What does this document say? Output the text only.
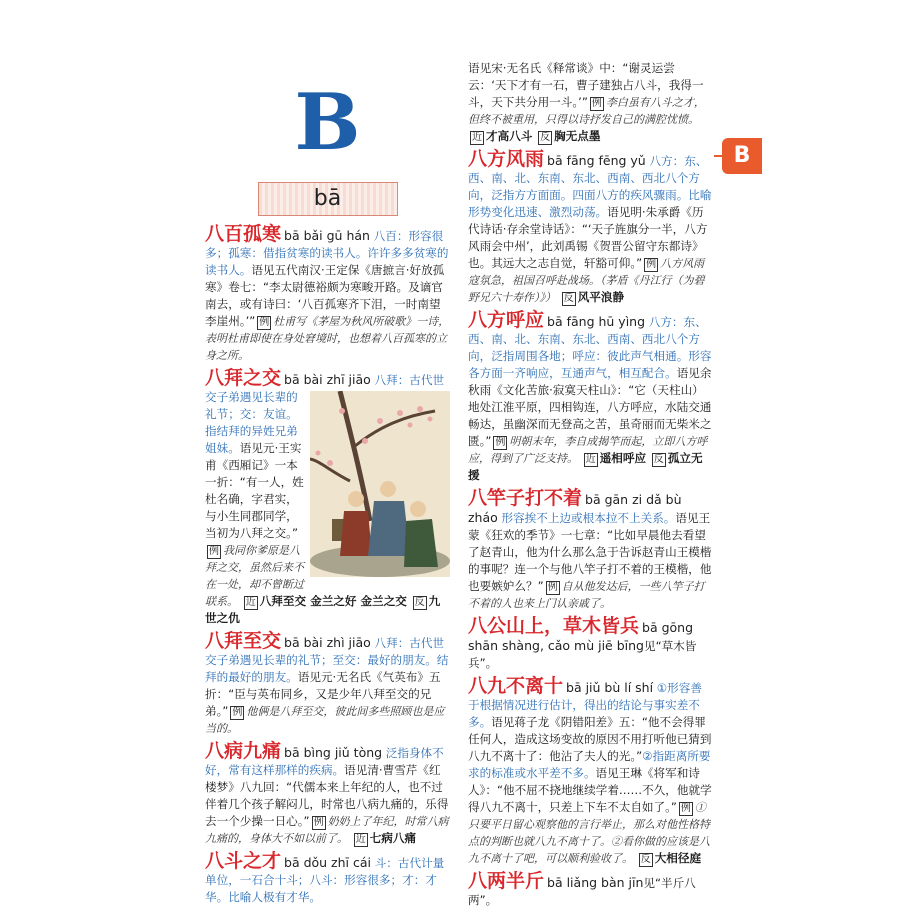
B
B
bā
八百孤寒 bā bǎi gū hán 八百：形容很多；孤寒：借指贫寒的读书人。许许多多贫寒的读书人。语见五代南汉·王定保《唐摭言·好放孤寒》卷七：“李太尉德裕颇为寒畯开路。及谪官南去，或有诗曰：‘八百孤寒齐下泪，一时南望李崖州。’” 例 杜甫写《茅屋为秋风所破歌》一诗，表明杜甫即使在身处窘境时，也想着八百孤寒的立身之所。
八拜之交 bā bài zhī jiāo 八拜：古代世交子弟遇见长辈的礼节；交：友谊。指结拜的异姓兄弟姐妹。语见元·王实甫《西厢记》一本一折：“有一人，姓杜名确，字君实，与小生同郡同学，当初为八拜之交。”例 我同你爹原是八拜之交，虽然后来不在一处，却不曾断过联系。 近 八拜至交 金兰之好 金兰之交 反 九世之仇
八拜至交 bā bài zhì jiāo 八拜：古代世交子弟遇见长辈的礼节；至交：最好的朋友。结拜的最好的朋友。语见元·无名氏《气英布》五折：“臣与英布同乡，又是少年八拜至交的兄弟。” 例 他俩是八拜至交，彼此间多些照顾也是应当的。
八病九痛 bā bìng jiǔ tòng 泛指身体不好，常有这样那样的疾病。语见清·曹雪芹《红楼梦》八九回：“代儒本来上年纪的人，也不过伴着几个孩子解闷儿，时常也八病九痛的，乐得去一个少操一日心。” 例 奶奶上了年纪，时常八病九痛的，身体大不如以前了。 近 七病八痛
八斗之才 bā dǒu zhī cái 斗：古代计量单位，一石合十斗；八斗：形容很多；才：才华。比喻人极有才华。
语见宋·无名氏《释常谈》中：“谢灵运尝云：‘天下才有一石，曹子建独占八斗，我得一斗，天下共分用一斗。’” 例 李白虽有八斗之才，但终不被重用，只得以诗抒发自己的满腔忧愤。 近 才高八斗 反 胸无点墨
八方风雨 bā fāng fēng yǔ 八方：东、西、南、北、东南、东北、西南、西北八个方向，泛指方方面面。四面八方的疾风骤雨。比喻形势变化迅速、激烈动荡。语见明·朱承爵《历代诗话·存余堂诗话》：“‘天子旌旗分一半，八方风雨会中州’，此刘禹锡《贺晋公留守东都诗》也。其远大之志自觉，轩豁可仰。” 例 八方风雨寇氛急，祖国召呼赴战场。（茅盾《丹江行（为碧野兄六十寿作）》） 反 风平浪静
八方呼应 bā fāng hū yìng 八方：东、西、南、北、东南、东北、西南、西北八个方向，泛指周围各地；呼应：彼此声气相通。形容各方面一齐响应，互通声气，相互配合。语见余秋雨《文化苦旅·寂寞天柱山》：“它（天柱山）地处江淮平原，四相钩连，八方呼应，水陆交通畅达，虽幽深而无登高之苦，虽奇丽而无柴米之匮。” 例 明朝末年，李自成揭竿而起，立即八方呼应，得到了广泛支持。 近 遥相呼应 反 孤立无援
八竿子打不着 bā gān zi dǎ bù zháo 形容挨不上边或根本拉不上关系。语见王蒙《狂欢的季节》一七章：“比如早晨他去看望了赵青山，他为什么那么急于告诉赵青山王模楷的事呢？连一个与他八竿子打不着的王模楷，他也要嫉妒么？” 例 自从他发达后，一些八竿子打不着的人也来上门认亲戚了。
八公山上，草木皆兵 bā gōng shān shàng, cǎo mù jiē bīng见“草木皆兵”。
八九不离十 bā jiǔ bù lí shí ①形容善于根据情况进行估计，得出的结论与事实差不多。语见蒋子龙《阴错阳差》五：“他不会得罪任何人，造成这场变故的原因不用打听他已猜到八九不离十了：他沾了夫人的光。”②指距离所要求的标准或水平差不多。语见王琳《将军和诗人》：“他不屈不挠地继续学着……不久，他就学得八九不离十，只差上下车不太自如了。” 例 ①只要平日留心观察他的言行举止，那么对他性格特点的判断也就八九不离十了。②看你做的应该是八九不离十了吧，可以顺利验收了。 反 大相径庭
八两半斤 bā liǎng bàn jīn见“半斤八两”。
